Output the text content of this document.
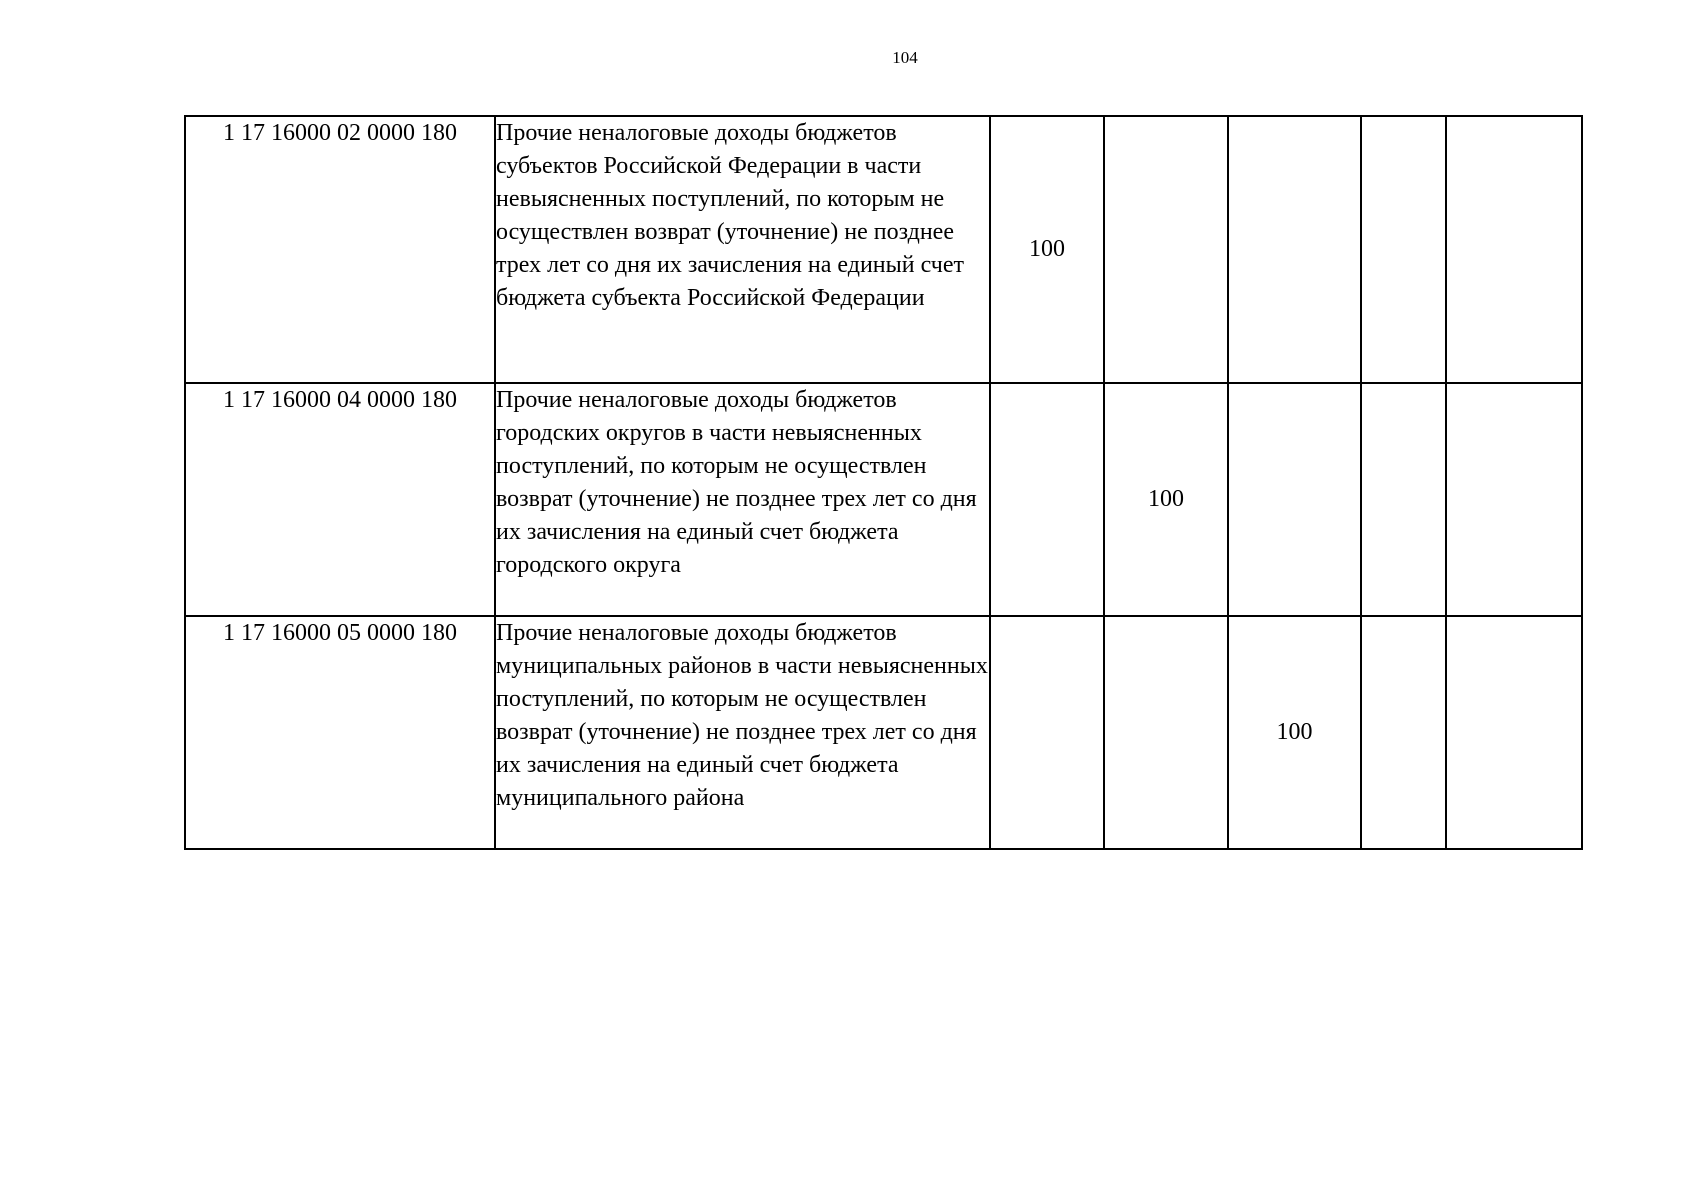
104
1 17 16000 02 0000 180	Прочие неналоговые доходы бюджетов субъектов Российской Федерации в части невыясненных поступлений, по которым не осуществлен возврат (уточнение) не позднее трех лет со дня их зачисления на единый счет бюджета субъекта Российской Федерации	100				
1 17 16000 04 0000 180	Прочие неналоговые доходы бюджетов городских округов в части невыясненных поступлений, по которым не осуществлен возврат (уточнение) не позднее трех лет со дня их зачисления на единый счет бюджета городского округа		100			
1 17 16000 05 0000 180	Прочие неналоговые доходы бюджетов муниципальных районов в части невыясненных поступлений, по которым не осуществлен возврат (уточнение) не позднее трех лет со дня их зачисления на единый счет бюджета муниципального района			100		
